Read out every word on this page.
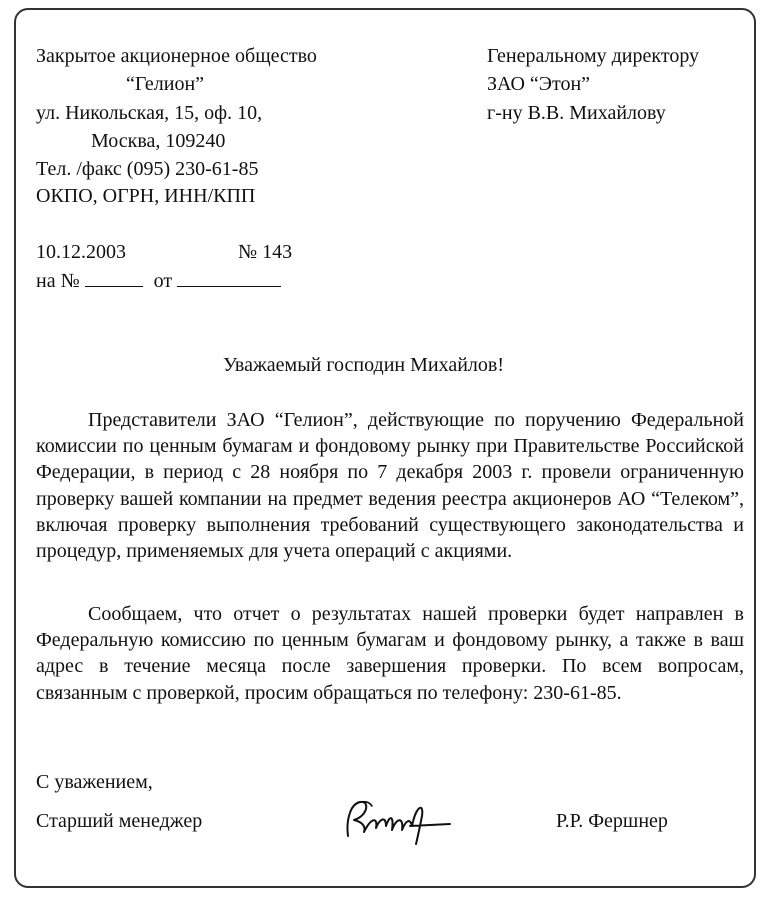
Закрытое акционерное общество
“Гелион”
ул. Никольская, 15, оф. 10,
Москва, 109240
Тел. /факс (095) 230-61-85
ОКПО, ОГРН, ИНН/КПП
Генеральному директору
ЗАО “Этон”
г-ну В.В. Михайлову
10.12.2003	№ 143
на №	от
Уважаемый господин Михайлов!
Представители ЗАО “Гелион”, действующие по поручению Федеральной комиссии по ценным бумагам и фондовому рынку при Правительстве Российской Федерации, в период с 28 ноября по 7 декабря 2003 г. провели ограниченную проверку вашей компании на предмет ведения реестра акционеров АО “Телеком”, включая проверку выполнения требований существующего законодательства и процедур, применяемых для учета операций с акциями.
Сообщаем, что отчет о результатах нашей проверки будет направлен в Федеральную комиссию по ценным бумагам и фондовому рынку, а также в ваш адрес в течение месяца после завершения проверки. По всем вопросам, связанным с проверкой, просим обращаться по телефону: 230-61-85.
С уважением,
Старший менеджер	Р.Р. Фершнер
